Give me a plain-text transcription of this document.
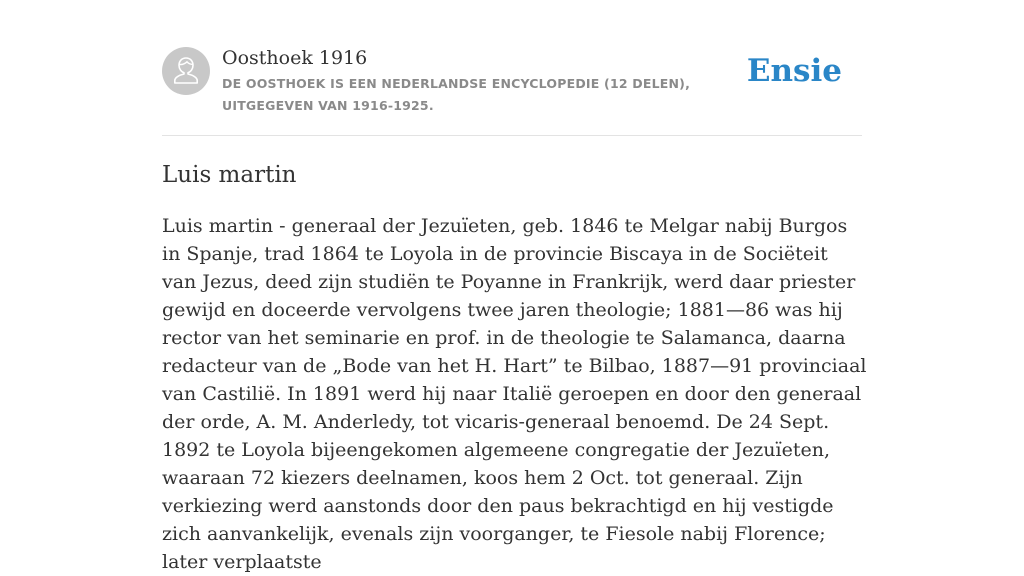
Oosthoek 1916
DE OOSTHOEK IS EEN NEDERLANDSE ENCYCLOPEDIE (12 DELEN), UITGEGEVEN VAN 1916-1925.
Ensie
Luis martin

Luis martin - generaal der Jezuïeten, geb. 1846 te Melgar nabij Burgos in Spanje, trad 1864 te Loyola in de provincie Biscaya in de Sociëteit van Jezus, deed zijn studiën te Poyanne in Frankrijk, werd daar priester gewijd en doceerde vervolgens twee jaren theologie; 1881—86 was hij rector van het seminarie en prof. in de theologie te Salamanca, daarna redacteur van de „Bode van het H. Hart” te Bilbao, 1887—91 provinciaal van Castilië. In 1891 werd hij naar Italië geroepen en door den generaal der orde, A. M. Anderledy, tot vicaris-generaal benoemd. De 24 Sept. 1892 te Loyola bijeengekomen algemeene congregatie der Jezuïeten, waaraan 72 kiezers deelnamen, koos hem 2 Oct. tot generaal. Zijn verkiezing werd aanstonds door den paus bekrachtigd en hij vestigde zich aanvankelijk, evenals zijn voorganger, te Fiesole nabij Florence; later verplaatste
